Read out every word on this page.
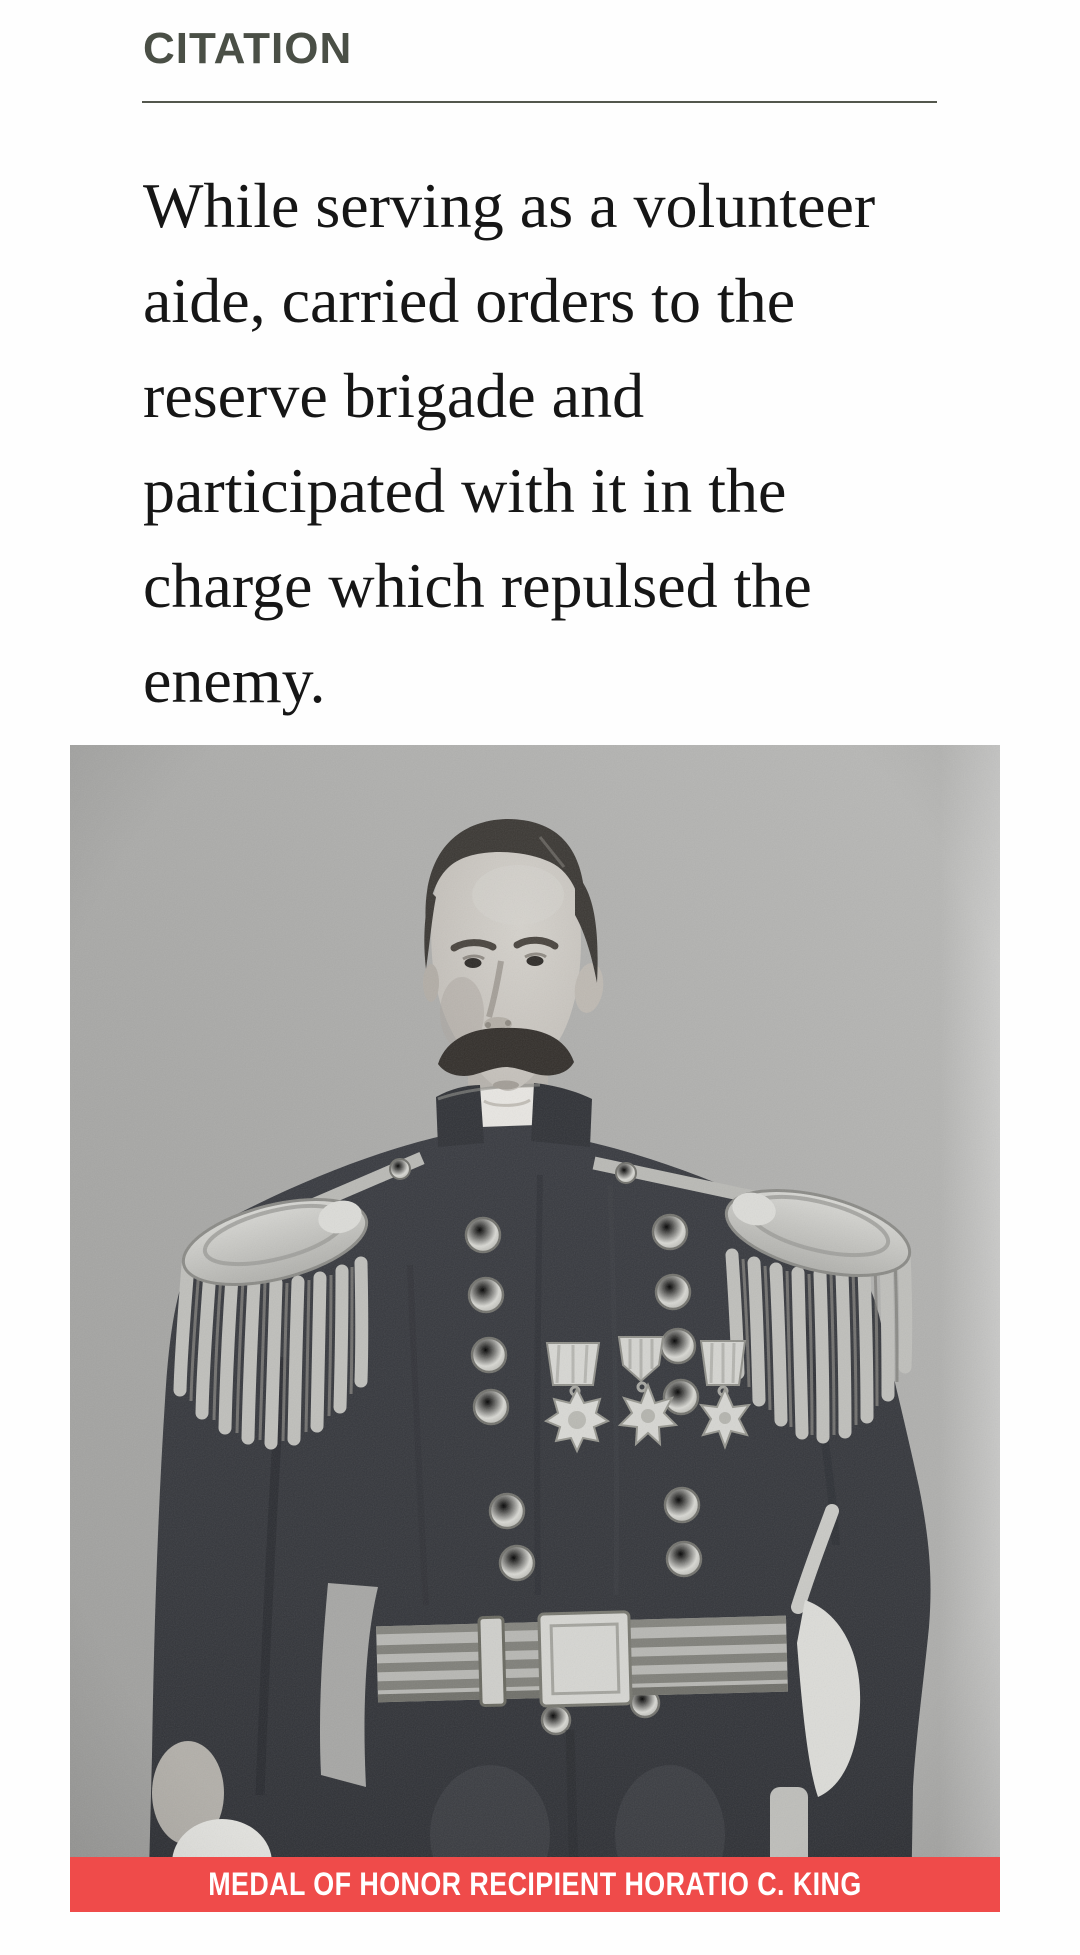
CITATION
While serving as a volunteer
aide, carried orders to the
reserve brigade and
participated with it in the
charge which repulsed the
enemy.
MEDAL OF HONOR RECIPIENT HORATIO C. KING
